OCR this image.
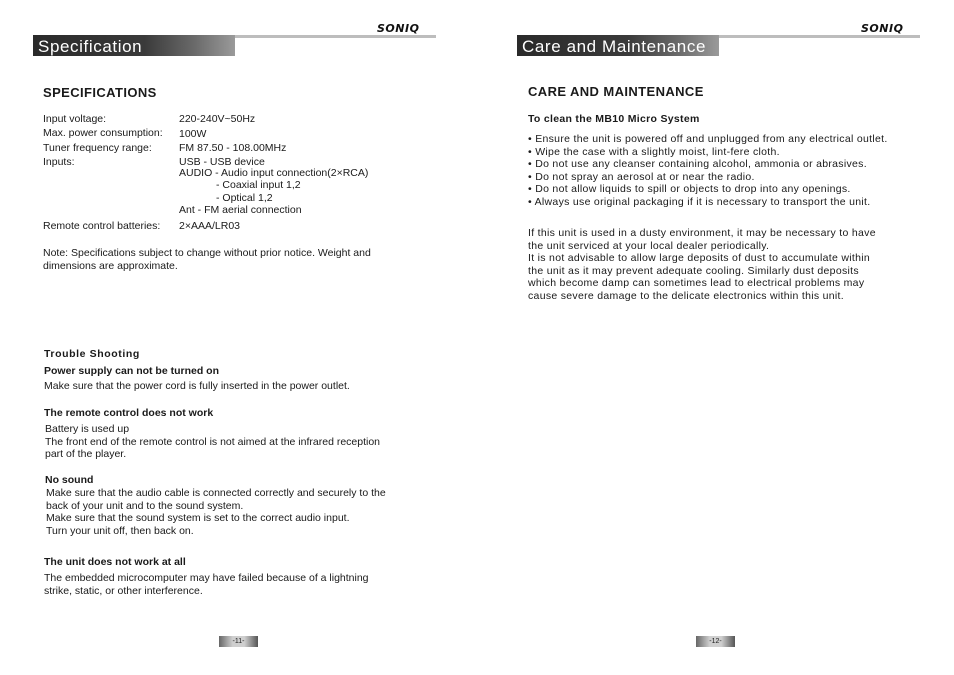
SONIQ
Specification
SPECIFICATIONS
Input voltage:	220-240V~50Hz
Max. power consumption: 100W
Tuner frequency range:	FM 87.50 - 108.00MHz
Inputs:	USB - USB device
AUDIO - Audio input connection(2×RCA)
- Coaxial input 1,2
- Optical 1,2
Ant - FM aerial connection
Remote control batteries: 2×AAA/LR03
Note: Specifications subject to change without prior notice. Weight and
dimensions are approximate.
Trouble Shooting
Power supply can not be turned on
Make sure that the power cord is fully inserted in the power outlet.
The remote control does not work
Battery is used up
The front end of the remote control is not aimed at the infrared reception
part of the player.
No sound
Make sure that the audio cable is connected correctly and securely to the
back of your unit and to the sound system.
Make sure that the sound system is set to the correct audio input.
Turn your unit off, then back on.
The unit does not work at all
The embedded microcomputer may have failed because of a lightning
strike, static, or other interference.
-11-
SONIQ
Care and Maintenance
CARE AND MAINTENANCE
To clean the MB10 Micro System
• Ensure the unit is powered off and unplugged from any electrical outlet.
• Wipe the case with a slightly moist, lint-fere cloth.
• Do not use any cleanser containing alcohol, ammonia or abrasives.
• Do not spray an aerosol at or near the radio.
• Do not allow liquids to spill or objects to drop into any openings.
• Always use original packaging if it is necessary to transport the unit.
If this unit is used in a dusty environment, it may be necessary to have
the unit serviced at your local dealer periodically.
It is not advisable to allow large deposits of dust to accumulate within
the unit as it may prevent adequate cooling. Similarly dust deposits
which become damp can sometimes lead to electrical problems may
cause severe damage to the delicate electronics within this unit.
-12-
